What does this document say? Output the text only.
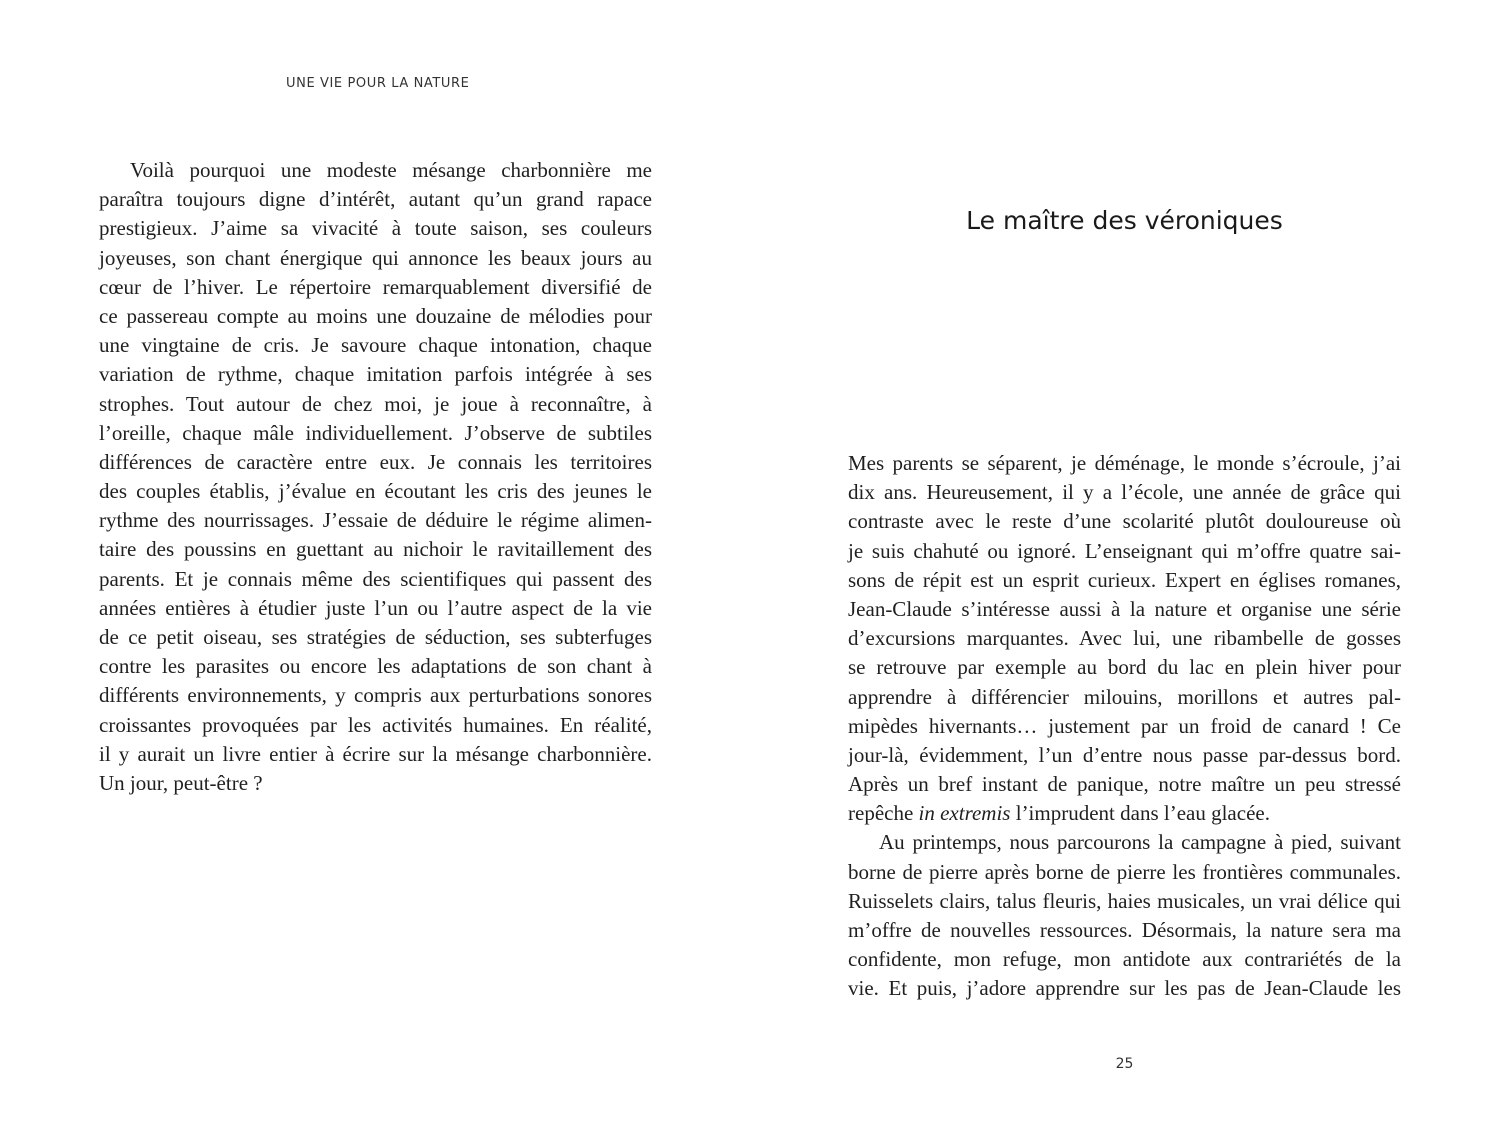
UNE VIE POUR LA NATURE
Voilà pourquoi une modeste mésange charbonnière me
paraîtra toujours digne d’intérêt, autant qu’un grand rapace
prestigieux. J’aime sa vivacité à toute saison, ses couleurs
joyeuses, son chant énergique qui annonce les beaux jours au
cœur de l’hiver. Le répertoire remarquablement diversifié de
ce passereau compte au moins une douzaine de mélodies pour
une vingtaine de cris. Je savoure chaque intonation, chaque
variation de rythme, chaque imitation parfois intégrée à ses
strophes. Tout autour de chez moi, je joue à reconnaître, à
l’oreille, chaque mâle individuellement. J’observe de subtiles
différences de caractère entre eux. Je connais les territoires
des couples établis, j’évalue en écoutant les cris des jeunes le
rythme des nourrissages. J’essaie de déduire le régime alimen-
taire des poussins en guettant au nichoir le ravitaillement des
parents. Et je connais même des scientifiques qui passent des
années entières à étudier juste l’un ou l’autre aspect de la vie
de ce petit oiseau, ses stratégies de séduction, ses subterfuges
contre les parasites ou encore les adaptations de son chant à
différents environnements, y compris aux perturbations sonores
croissantes provoquées par les activités humaines. En réalité,
il y aurait un livre entier à écrire sur la mésange charbonnière.
Un jour, peut-être ?
Le maître des véroniques
Mes parents se séparent, je déménage, le monde s’écroule, j’ai
dix ans. Heureusement, il y a l’école, une année de grâce qui
contraste avec le reste d’une scolarité plutôt douloureuse où
je suis chahuté ou ignoré. L’enseignant qui m’offre quatre sai-
sons de répit est un esprit curieux. Expert en églises romanes,
Jean-Claude s’intéresse aussi à la nature et organise une série
d’excursions marquantes. Avec lui, une ribambelle de gosses
se retrouve par exemple au bord du lac en plein hiver pour
apprendre à différencier milouins, morillons et autres pal-
mipèdes hivernants… justement par un froid de canard ! Ce
jour-là, évidemment, l’un d’entre nous passe par-dessus bord.
Après un bref instant de panique, notre maître un peu stressé
repêche in extremis l’imprudent dans l’eau glacée.
Au printemps, nous parcourons la campagne à pied, suivant
borne de pierre après borne de pierre les frontières communales.
Ruisselets clairs, talus fleuris, haies musicales, un vrai délice qui
m’offre de nouvelles ressources. Désormais, la nature sera ma
confidente, mon refuge, mon antidote aux contrariétés de la
vie. Et puis, j’adore apprendre sur les pas de Jean-Claude les
25
